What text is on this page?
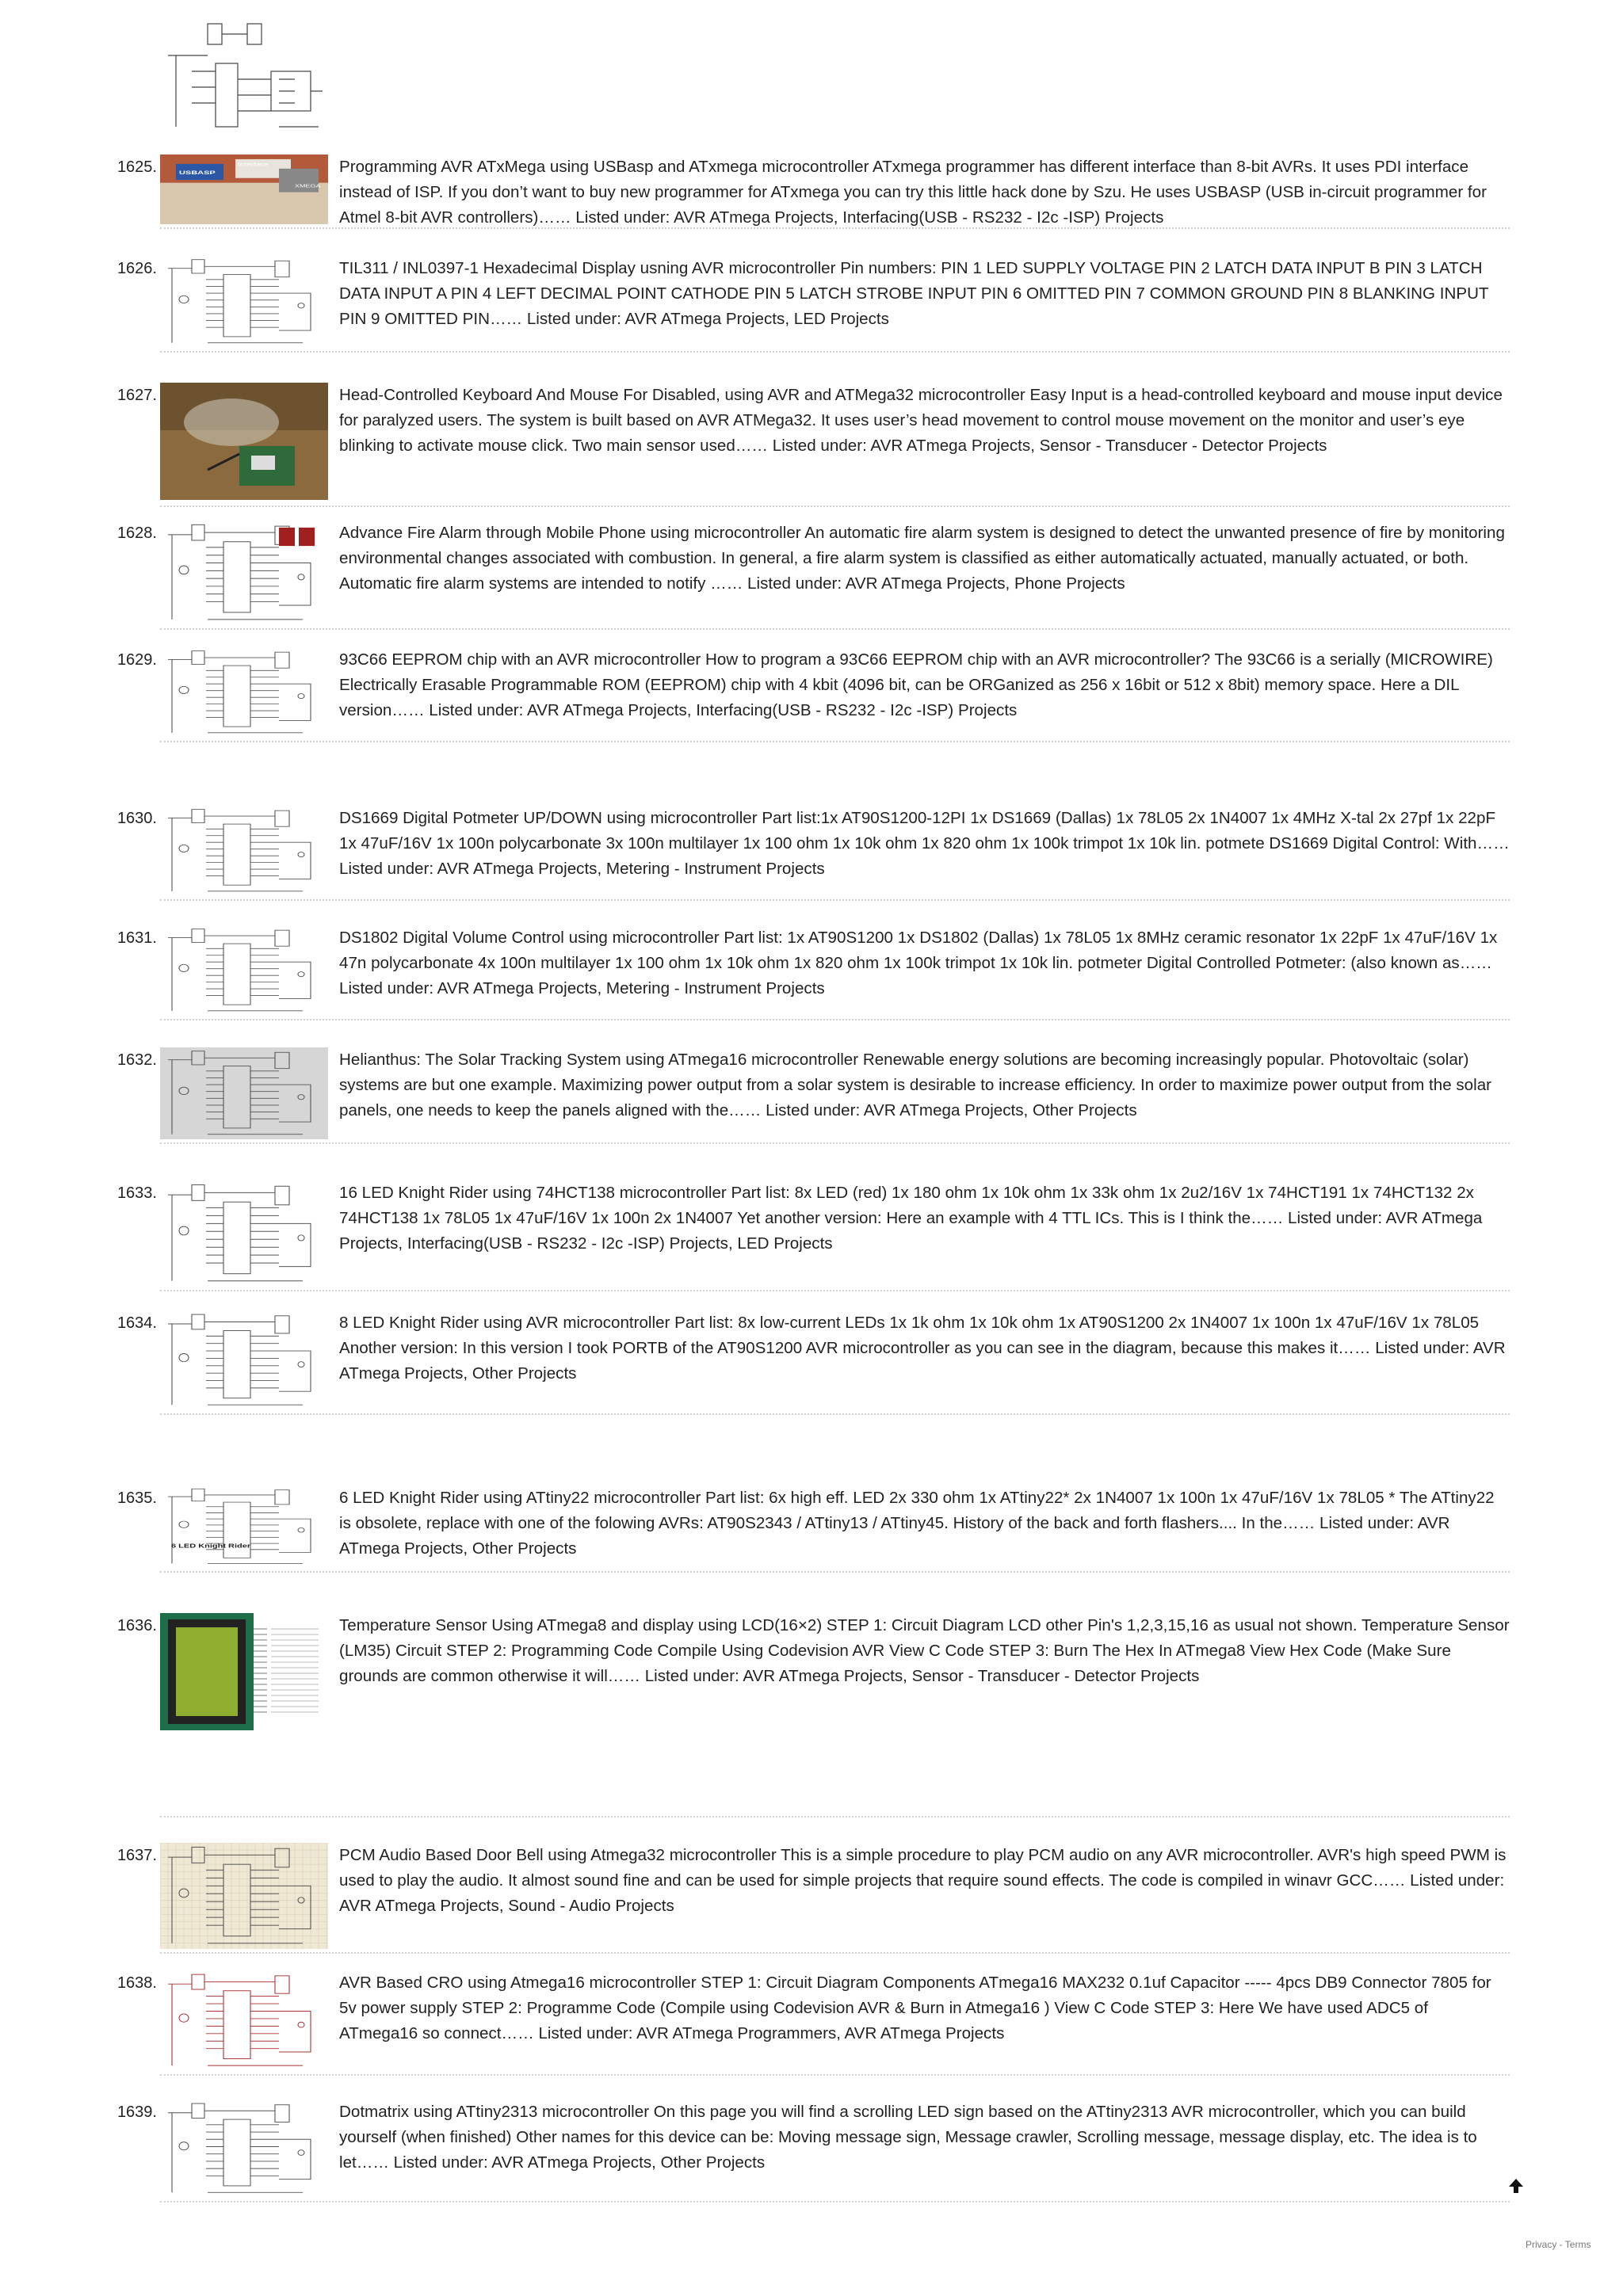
1625.	USBASP
Interface
XMEGA

Programming AVR ATxMega using USBasp and ATxmega microcontroller ATxmega programmer has different interface than 8-bit AVRs. It uses PDI interface instead of ISP. If you don’t want to buy new programmer for ATxmega you can try this little hack done by Szu. He uses USBASP (USB in-circuit programmer for Atmel 8-bit AVR controllers)…… Listed under: AVR ATmega Projects, Interfacing(USB - RS232 - I2c -ISP) Projects

1626.	TIL311 / INL0397-1 Hexadecimal Display usning AVR microcontroller Pin numbers: PIN 1 LED SUPPLY VOLTAGE PIN 2 LATCH DATA INPUT B PIN 3 LATCH DATA INPUT A PIN 4 LEFT DECIMAL POINT CATHODE PIN 5 LATCH STROBE INPUT PIN 6 OMITTED PIN 7 COMMON GROUND PIN 8 BLANKING INPUT PIN 9 OMITTED PIN…… Listed under: AVR ATmega Projects, LED Projects

1627.	Head-Controlled Keyboard And Mouse For Disabled, using AVR and ATMega32 microcontroller Easy Input is a head-controlled keyboard and mouse input device for paralyzed users. The system is built based on AVR ATMega32. It uses user’s head movement to control mouse movement on the monitor and user’s eye blinking to activate mouse click. Two main sensor used…… Listed under: AVR ATmega Projects, Sensor - Transducer - Detector Projects

1628.	Advance Fire Alarm through Mobile Phone using microcontroller An automatic fire alarm system is designed to detect the unwanted presence of fire by monitoring environmental changes associated with combustion. In general, a fire alarm system is classified as either automatically actuated, manually actuated, or both. Automatic fire alarm systems are intended to notify …… Listed under: AVR ATmega Projects, Phone Projects

1629.	93C66 EEPROM chip with an AVR microcontroller How to program a 93C66 EEPROM chip with an AVR microcontroller? The 93C66 is a serially (MICROWIRE) Electrically Erasable Programmable ROM (EEPROM) chip with 4 kbit (4096 bit, can be ORGanized as 256 x 16bit or 512 x 8bit) memory space. Here a DIL version…… Listed under: AVR ATmega Projects, Interfacing(USB - RS232 - I2c -ISP) Projects

1630.	DS1669 Digital Potmeter UP/DOWN using microcontroller Part list:1x AT90S1200-12PI 1x DS1669 (Dallas) 1x 78L05 2x 1N4007 1x 4MHz X-tal 2x 27pf 1x 22pF 1x 47uF/16V 1x 100n polycarbonate 3x 100n multilayer 1x 100 ohm 1x 10k ohm 1x 820 ohm 1x 100k trimpot 1x 10k lin. potmete DS1669 Digital Control: With…… Listed under: AVR ATmega Projects, Metering - Instrument Projects

1631.	DS1802 Digital Volume Control using microcontroller Part list: 1x AT90S1200 1x DS1802 (Dallas) 1x 78L05 1x 8MHz ceramic resonator 1x 22pF 1x 47uF/16V 1x 47n polycarbonate 4x 100n multilayer 1x 100 ohm 1x 10k ohm 1x 820 ohm 1x 100k trimpot 1x 10k lin. potmeter Digital Controlled Potmeter: (also known as…… Listed under: AVR ATmega Projects, Metering - Instrument Projects

1632.	Helianthus: The Solar Tracking System using ATmega16 microcontroller Renewable energy solutions are becoming increasingly popular. Photovoltaic (solar) systems are but one example. Maximizing power output from a solar system is desirable to increase efficiency. In order to maximize power output from the solar panels, one needs to keep the panels aligned with the…… Listed under: AVR ATmega Projects, Other Projects

1633.	16 LED Knight Rider using 74HCT138 microcontroller Part list: 8x LED (red) 1x 180 ohm 1x 10k ohm 1x 33k ohm 1x 2u2/16V 1x 74HCT191 1x 74HCT132 2x 74HCT138 1x 78L05 1x 47uF/16V 1x 100n 2x 1N4007 Yet another version: Here an example with 4 TTL ICs. This is I think the…… Listed under: AVR ATmega Projects, Interfacing(USB - RS232 - I2c -ISP) Projects, LED Projects

1634.	8 LED Knight Rider using AVR microcontroller Part list: 8x low-current LEDs 1x 1k ohm 1x 10k ohm 1x AT90S1200 2x 1N4007 1x 100n 1x 47uF/16V 1x 78L05 Another version: In this version I took PORTB of the AT90S1200 AVR microcontroller as you can see in the diagram, because this makes it…… Listed under: AVR ATmega Projects, Other Projects

1635.
6 LED Knight Rider

6 LED Knight Rider using ATtiny22 microcontroller Part list: 6x high eff. LED 2x 330 ohm 1x ATtiny22* 2x 1N4007 1x 100n 1x 47uF/16V 1x 78L05 * The ATtiny22 is obsolete, replace with one of the folowing AVRs: AT90S2343 / ATtiny13 / ATtiny45. History of the back and forth flashers.... In the…… Listed under: AVR ATmega Projects, Other Projects

1636.	Temperature Sensor Using ATmega8 and display using LCD(16×2) STEP 1: Circuit Diagram LCD other Pin's 1,2,3,15,16 as usual not shown. Temperature Sensor (LM35) Circuit STEP 2: Programming Code Compile Using Codevision AVR View C Code STEP 3: Burn The Hex In ATmega8 View Hex Code (Make Sure grounds are common otherwise it will…… Listed under: AVR ATmega Projects, Sensor - Transducer - Detector Projects

1637.	PCM Audio Based Door Bell using Atmega32 microcontroller This is a simple procedure to play PCM audio on any AVR microcontroller. AVR's high speed PWM is used to play the audio. It almost sound fine and can be used for simple projects that require sound effects. The code is compiled in winavr GCC…… Listed under: AVR ATmega Projects, Sound - Audio Projects

1638.	AVR Based CRO using Atmega16 microcontroller STEP 1: Circuit Diagram Components ATmega16 MAX232 0.1uf Capacitor ----- 4pcs DB9 Connector 7805 for 5v power supply STEP 2: Programme Code (Compile using Codevision AVR & Burn in Atmega16 ) View C Code STEP 3: Here We have used ADC5 of ATmega16 so connect…… Listed under: AVR ATmega Programmers, AVR ATmega Projects

1639.	Dotmatrix using ATtiny2313 microcontroller On this page you will find a scrolling LED sign based on the ATtiny2313 AVR microcontroller, which you can build yourself (when finished) Other names for this device can be: Moving message sign, Message crawler, Scrolling message, message display, etc. The idea is to let…… Listed under: AVR ATmega Projects, Other Projects

Privacy - Terms
